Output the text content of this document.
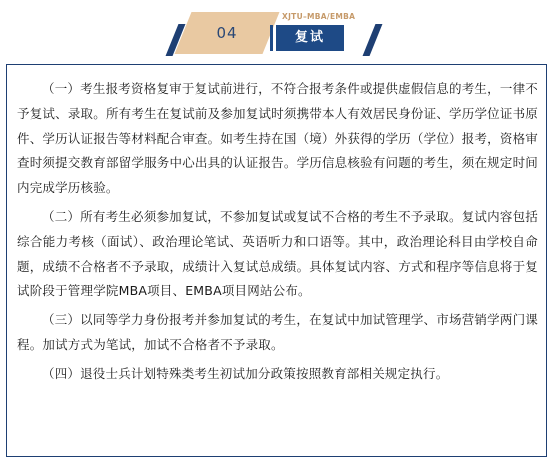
04
XJTU–MBA/EMBA
复试

（一）考生报考资格复审于复试前进行，不符合报考条件或提供虚假信息的考生，一律不予复试、录取。所有考生在复试前及参加复试时须携带本人有效居民身份证、学历学位证书原件、学历认证报告等材料配合审查。如考生持在国（境）外获得的学历（学位）报考，资格审查时须提交教育部留学服务中心出具的认证报告。学历信息核验有问题的考生，须在规定时间内完成学历核验。

（二）所有考生必须参加复试，不参加复试或复试不合格的考生不予录取。复试内容包括综合能力考核（面试）、政治理论笔试、英语听力和口语等。其中，政治理论科目由学校自命题，成绩不合格者不予录取，成绩计入复试总成绩。具体复试内容、方式和程序等信息将于复试阶段于管理学院MBA项目、EMBA项目网站公布。

（三）以同等学力身份报考并参加复试的考生，在复试中加试管理学、市场营销学两门课程。加试方式为笔试，加试不合格者不予录取。

（四）退役士兵计划特殊类考生初试加分政策按照教育部相关规定执行。
